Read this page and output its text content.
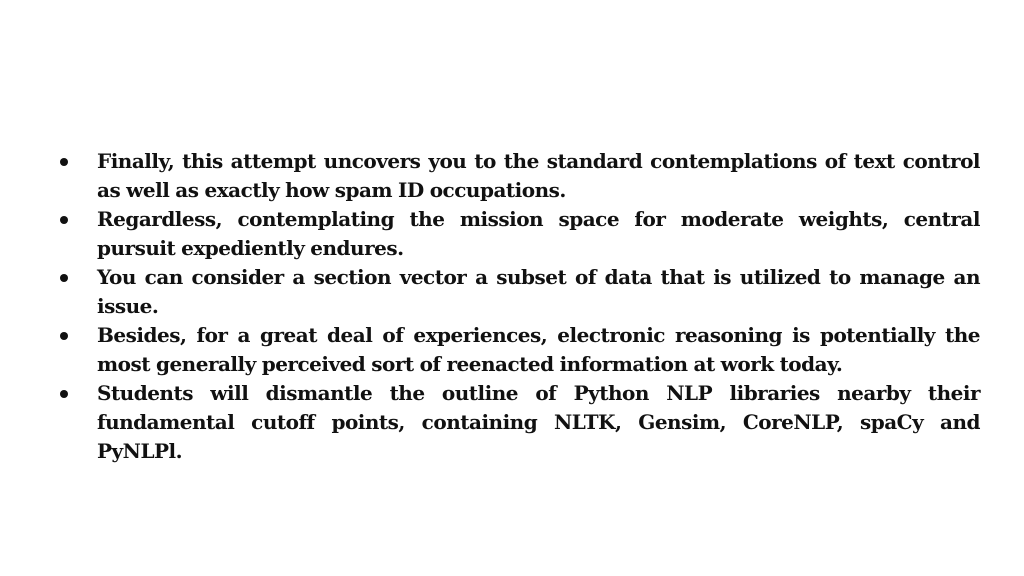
Finally, this attempt uncovers you to the standard contemplations of text control as well as exactly how spam ID occupations.
Regardless, contemplating the mission space for moderate weights, central pursuit expediently endures.
You can consider a section vector a subset of data that is utilized to manage an issue.
Besides, for a great deal of experiences, electronic reasoning is potentially the most generally perceived sort of reenacted information at work today.
Students will dismantle the outline of Python NLP libraries nearby their fundamental cutoff points, containing NLTK, Gensim, CoreNLP, spaCy and PyNLPl.
